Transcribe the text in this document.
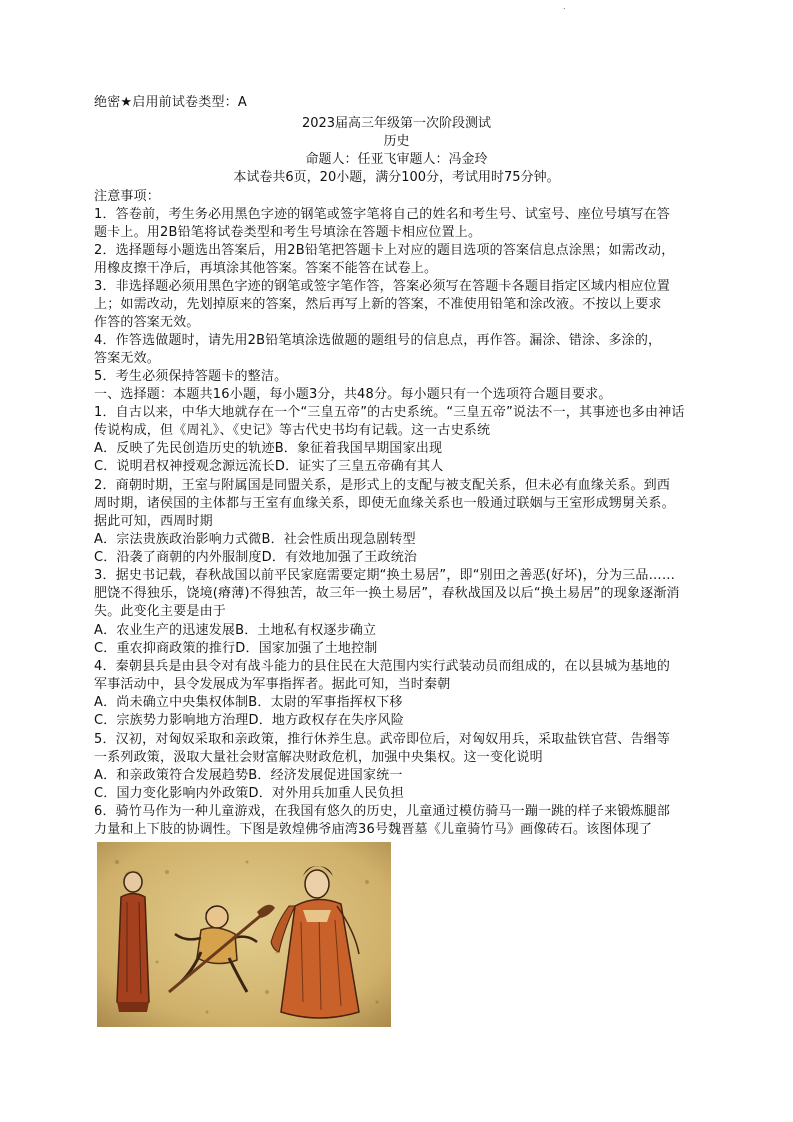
.
绝密★启用前试卷类型：A
2023届高三年级第一次阶段测试
历史
命题人：任亚飞审题人：冯金玲
本试卷共6页，20小题，满分100分，考试用时75分钟。
注意事项：
1．答卷前，考生务必用黑色字迹的钢笔或签字笔将自己的姓名和考生号、试室号、座位号填写在答
题卡上。用2B铅笔将试卷类型和考生号填涂在答题卡相应位置上。
2．选择题每小题选出答案后，用2B铅笔把答题卡上对应的题目选项的答案信息点涂黑；如需改动，
用橡皮擦干净后，再填涂其他答案。答案不能答在试卷上。
3．非选择题必须用黑色字迹的钢笔或签字笔作答，答案必须写在答题卡各题目指定区域内相应位置
上；如需改动，先划掉原来的答案，然后再写上新的答案，不准使用铅笔和涂改液。不按以上要求
作答的答案无效。
4．作答选做题时，请先用2B铅笔填涂选做题的题组号的信息点，再作答。漏涂、错涂、多涂的，
答案无效。
5．考生必须保持答题卡的整洁。
一、选择题：本题共16小题，每小题3分，共48分。每小题只有一个选项符合题目要求。
1．自古以来，中华大地就存在一个“三皇五帝”的古史系统。“三皇五帝”说法不一，其事迹也多由神话
传说构成，但《周礼》、《史记》等古代史书均有记载。这一古史系统
A．反映了先民创造历史的轨迹B．象征着我国早期国家出现
C．说明君权神授观念源远流长D．证实了三皇五帝确有其人
2．商朝时期，王室与附属国是同盟关系，是形式上的支配与被支配关系，但未必有血缘关系。到西
周时期，诸侯国的主体都与王室有血缘关系，即使无血缘关系也一般通过联姻与王室形成甥舅关系。
据此可知，西周时期
A．宗法贵族政治影响力式微B．社会性质出现急剧转型
C．沿袭了商朝的内外服制度D．有效地加强了王政统治
3．据史书记载，春秋战国以前平民家庭需要定期“换土易居”，即“别田之善恶(好坏)，分为三品……
肥饶不得独乐，饶境(瘠薄)不得独苦，故三年一换土易居”，春秋战国及以后“换土易居”的现象逐渐消
失。此变化主要是由于
A．农业生产的迅速发展B．土地私有权逐步确立
C．重农抑商政策的推行D．国家加强了土地控制
4．秦朝县兵是由县令对有战斗能力的县住民在大范围内实行武装动员而组成的，在以县城为基地的
军事活动中，县令发展成为军事指挥者。据此可知，当时秦朝
A．尚未确立中央集权体制B．太尉的军事指挥权下移
C．宗族势力影响地方治理D．地方政权存在失序风险
5．汉初，对匈奴采取和亲政策，推行休养生息。武帝即位后，对匈奴用兵，采取盐铁官营、告缗等
一系列政策，汲取大量社会财富解决财政危机，加强中央集权。这一变化说明
A．和亲政策符合发展趋势B．经济发展促进国家统一
C．国力变化影响内外政策D．对外用兵加重人民负担
6．骑竹马作为一种儿童游戏，在我国有悠久的历史，儿童通过模仿骑马一蹦一跳的样子来锻炼腿部
力量和上下肢的协调性。下图是敦煌佛爷庙湾36号魏晋墓《儿童骑竹马》画像砖石。该图体现了
